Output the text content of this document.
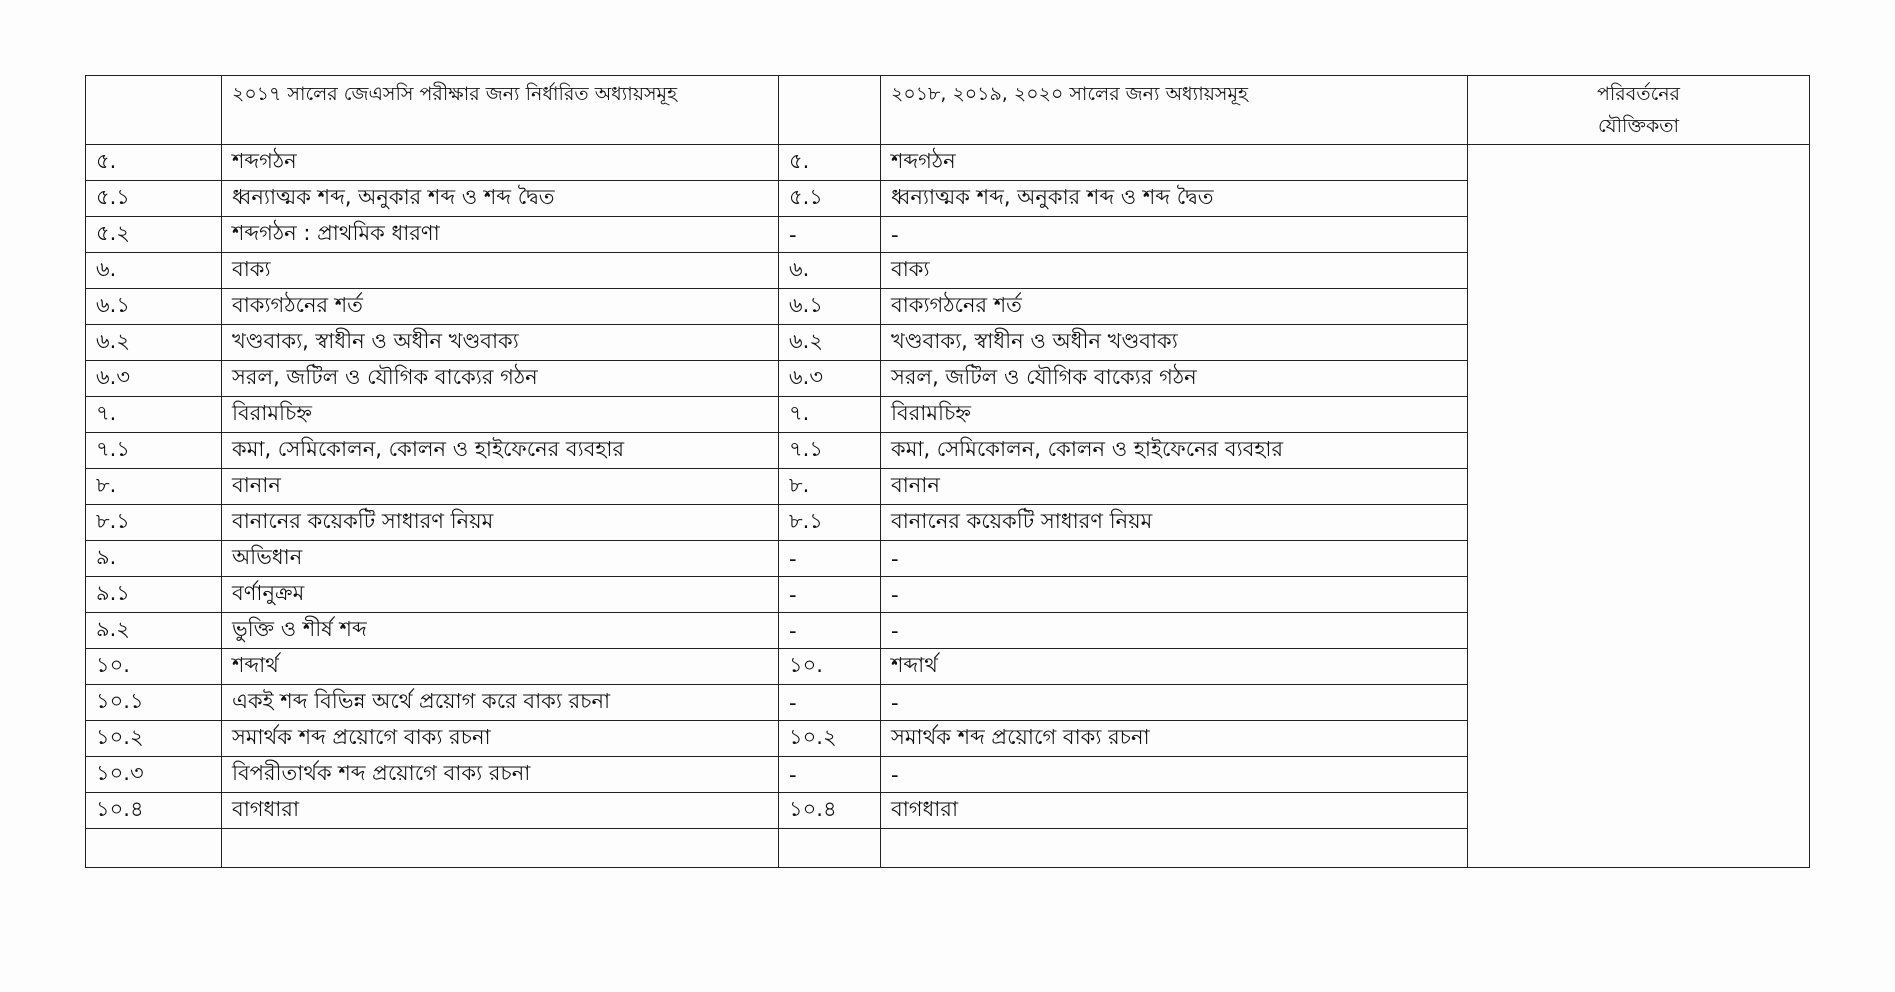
	২০১৭ সালের জেএসসি পরীক্ষার জন্য নির্ধারিত অধ্যায়সমূহ		২০১৮, ২০১৯, ২০২০ সালের জন্য অধ্যায়সমূহ	পরিবর্তনের
যৌক্তিকতা
৫.	শব্দগঠন	৫.	শব্দগঠন	
৫.১	ধ্বন্যাত্মক শব্দ, অনুকার শব্দ ও শব্দ দ্বৈত	৫.১	ধ্বন্যাত্মক শব্দ, অনুকার শব্দ ও শব্দ দ্বৈত	
৫.২	শব্দগঠন : প্রাথমিক ধারণা	-	-	
৬.	বাক্য	৬.	বাক্য	
৬.১	বাক্যগঠনের শর্ত	৬.১	বাক্যগঠনের শর্ত	
৬.২	খণ্ডবাক্য, স্বাধীন ও অধীন খণ্ডবাক্য	৬.২	খণ্ডবাক্য, স্বাধীন ও অধীন খণ্ডবাক্য	
৬.৩	সরল, জটিল ও যৌগিক বাক্যের গঠন	৬.৩	সরল, জটিল ও যৌগিক বাক্যের গঠন	
৭.	বিরামচিহ্ন	৭.	বিরামচিহ্ন	
৭.১	কমা, সেমিকোলন, কোলন ও হাইফেনের ব্যবহার	৭.১	কমা, সেমিকোলন, কোলন ও হাইফেনের ব্যবহার	
৮.	বানান	৮.	বানান	
৮.১	বানানের কয়েকটি সাধারণ নিয়ম	৮.১	বানানের কয়েকটি সাধারণ নিয়ম	
৯.	অভিধান	-	-	
৯.১	বর্ণানুক্রম	-	-	
৯.২	ভুক্তি ও শীর্ষ শব্দ	-	-	
১০.	শব্দার্থ	১০.	শব্দার্থ	
১০.১	একই শব্দ বিভিন্ন অর্থে প্রয়োগ করে বাক্য রচনা	-	-	
১০.২	সমার্থক শব্দ প্রয়োগে বাক্য রচনা	১০.২	সমার্থক শব্দ প্রয়োগে বাক্য রচনা	
১০.৩	বিপরীতার্থক শব্দ প্রয়োগে বাক্য রচনা	-	-	
১০.৪	বাগধারা	১০.৪	বাগধারা	
